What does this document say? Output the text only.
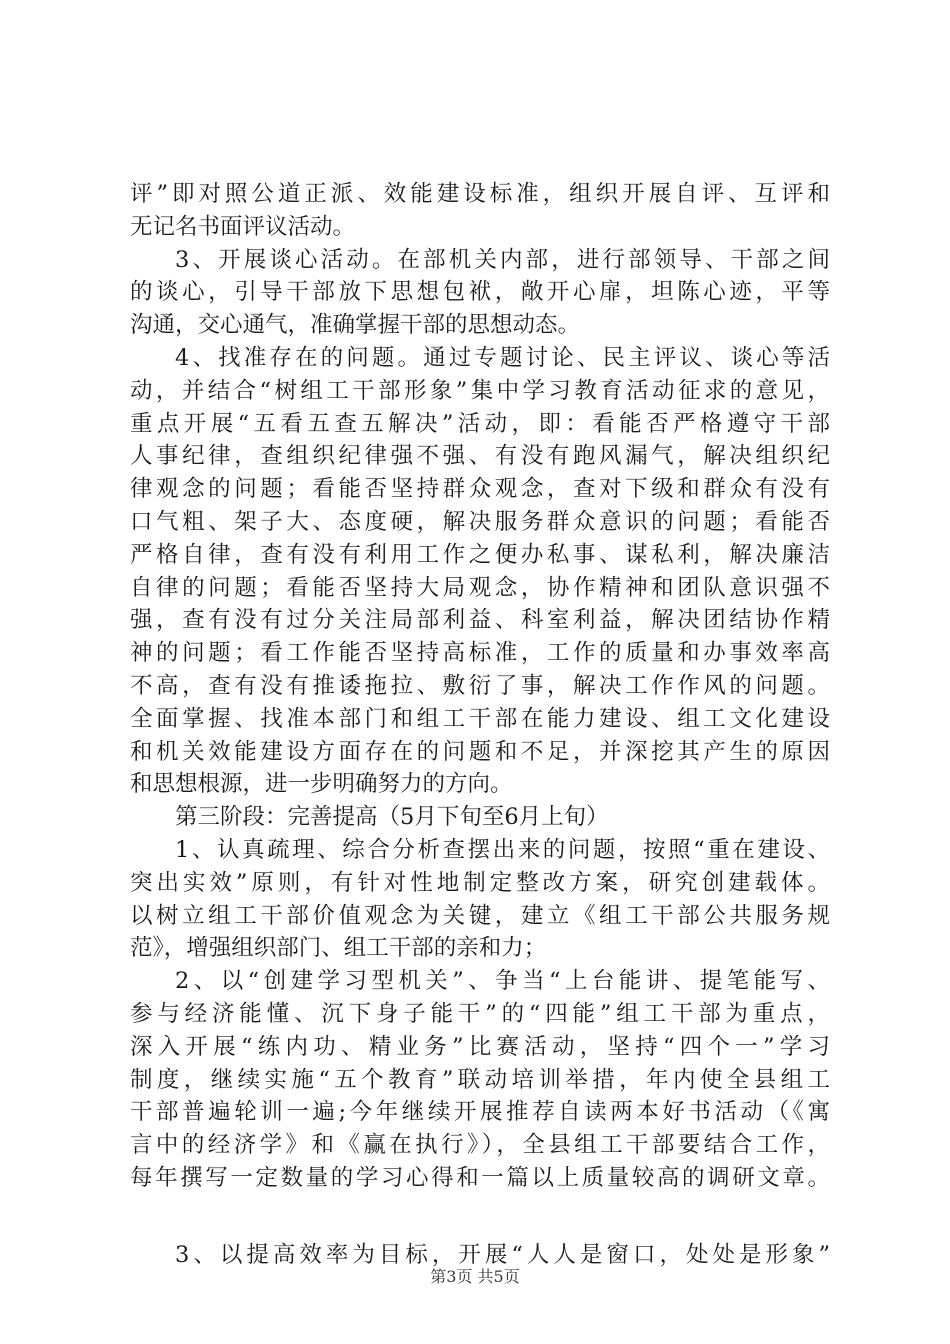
评”即对照公道正派、效能建设标准，组织开展自评、互评和
无记名书面评议活动。
3、开展谈心活动。在部机关内部，进行部领导、干部之间
的谈心，引导干部放下思想包袱，敞开心扉，坦陈心迹，平等
沟通，交心通气，准确掌握干部的思想动态。
4、找准存在的问题。通过专题讨论、民主评议、谈心等活
动，并结合“树组工干部形象”集中学习教育活动征求的意见，
重点开展“五看五查五解决”活动，即：看能否严格遵守干部
人事纪律，查组织纪律强不强、有没有跑风漏气，解决组织纪
律观念的问题；看能否坚持群众观念，查对下级和群众有没有
口气粗、架子大、态度硬，解决服务群众意识的问题；看能否
严格自律，查有没有利用工作之便办私事、谋私利，解决廉洁
自律的问题；看能否坚持大局观念，协作精神和团队意识强不
强，查有没有过分关注局部利益、科室利益，解决团结协作精
神的问题；看工作能否坚持高标准，工作的质量和办事效率高
不高，查有没有推诿拖拉、敷衍了事，解决工作作风的问题。
全面掌握、找准本部门和组工干部在能力建设、组工文化建设
和机关效能建设方面存在的问题和不足，并深挖其产生的原因
和思想根源，进一步明确努力的方向。
第三阶段：完善提高（5月下旬至6月上旬）
1、认真疏理、综合分析查摆出来的问题，按照“重在建设、
突出实效”原则，有针对性地制定整改方案，研究创建载体。
以树立组工干部价值观念为关键，建立《组工干部公共服务规
范》，增强组织部门、组工干部的亲和力；
2、以“创建学习型机关”、争当“上台能讲、提笔能写、
参与经济能懂、沉下身子能干”的“四能”组工干部为重点，
深入开展“练内功、精业务”比赛活动，坚持“四个一”学习
制度，继续实施“五个教育”联动培训举措，年内使全县组工
干部普遍轮训一遍;今年继续开展推荐自读两本好书活动（《寓
言中的经济学》和《赢在执行》），全县组工干部要结合工作，
每年撰写一定数量的学习心得和一篇以上质量较高的调研文章。
3、以提高效率为目标，开展“人人是窗口，处处是形象”
第3页 共5页
